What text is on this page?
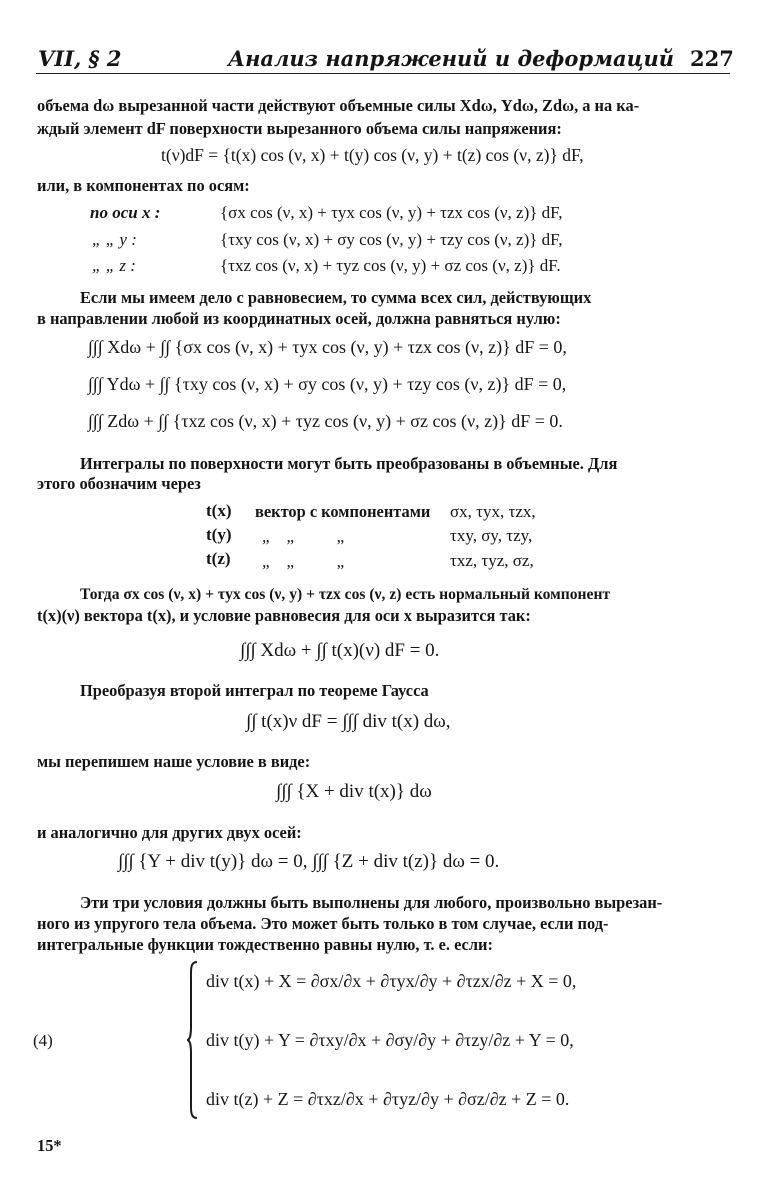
VII, § 2	Анализ напряжений и деформаций 227
объема dω вырезанной части действуют объемные силы Xdω, Ydω, Zdω, а на ка-
ждый элемент dF поверхности вырезанного объема силы напряжения:
t(ν)dF = {t(x) cos (ν, x) + t(y) cos (ν, y) + t(z) cos (ν, z)} dF,
или, в компонентах по осям:
по оси x :	{σx cos (ν, x) + τyx cos (ν, y) + τzx cos (ν, z)} dF,
„ „ y :	{τxy cos (ν, x) + σy cos (ν, y) + τzy cos (ν, z)} dF,
„ „ z :	{τxz cos (ν, x) + τyz cos (ν, y) + σz cos (ν, z)} dF.
Если мы имеем дело с равновесием, то сумма всех сил, действующих
в направлении любой из координатных осей, должна равняться нулю:
∫∫∫ Xdω + ∫∫ {σx cos (ν, x) + τyx cos (ν, y) + τzx cos (ν, z)} dF = 0,
∫∫∫ Ydω + ∫∫ {τxy cos (ν, x) + σy cos (ν, y) + τzy cos (ν, z)} dF = 0,
∫∫∫ Zdω + ∫∫ {τxz cos (ν, x) + τyz cos (ν, y) + σz cos (ν, z)} dF = 0.
Интегралы по поверхности могут быть преобразованы в объемные. Для
этого обозначим через
t(x) вектор с компонентами σx, τyx, τzx,
t(y) „    „          „	τxy, σy, τzy,
t(z) „    „          „	τxz, τyz, σz,
Тогда σx cos (ν, x) + τyx cos (ν, y) + τzx cos (ν, z) есть нормальный компонент
t(x)(ν) вектора t(x), и условие равновесия для оси x выразится так:
∫∫∫ Xdω + ∫∫ t(x)(ν) dF = 0.
Преобразуя второй интеграл по теореме Гаусса
∫∫ t(x)ν dF = ∫∫∫ div t(x) dω,
мы перепишем наше условие в виде:
∫∫∫ {X + div t(x)} dω
и аналогично для других двух осей:
∫∫∫ {Y + div t(y)} dω = 0, ∫∫∫ {Z + div t(z)} dω = 0.
Эти три условия должны быть выполнены для любого, произвольно вырезан-
ного из упругого тела объема. Это может быть только в том случае, если под-
интегральные функции тождественно равны нулю, т. е. если:
(4)
div t(x) + X = ∂σx/∂x + ∂τyx/∂y + ∂τzx/∂z + X = 0,
div t(y) + Y = ∂τxy/∂x + ∂σy/∂y + ∂τzy/∂z + Y = 0,
div t(z) + Z = ∂τxz/∂x + ∂τyz/∂y + ∂σz/∂z + Z = 0.
15*
